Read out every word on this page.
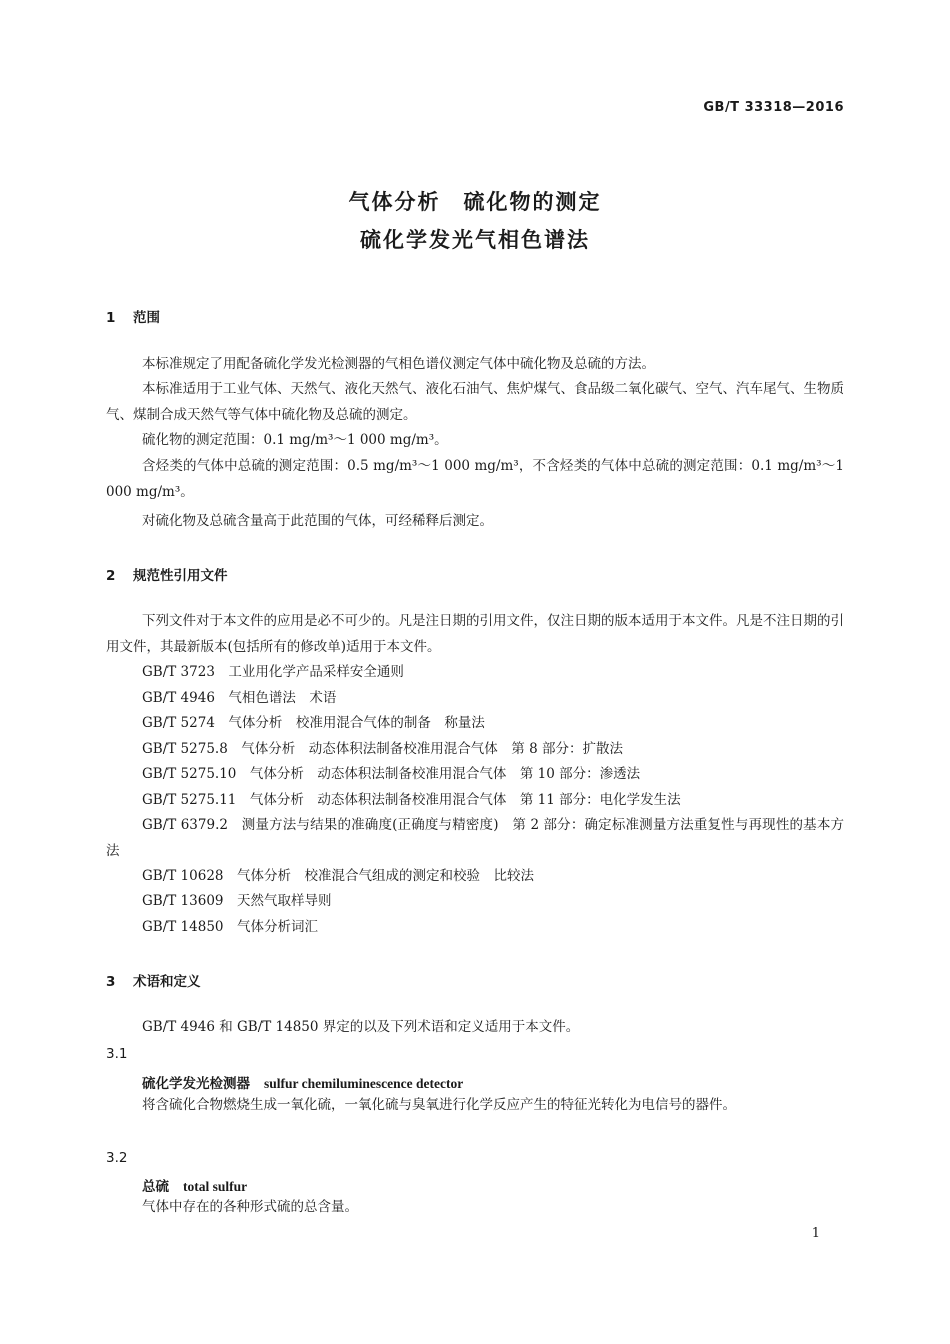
GB/T 33318—2016
气体分析　硫化物的测定
硫化学发光气相色谱法
1 范围
本标准规定了用配备硫化学发光检测器的气相色谱仪测定气体中硫化物及总硫的方法。
本标准适用于工业气体、天然气、液化天然气、液化石油气、焦炉煤气、食品级二氧化碳气、空气、汽车尾气、生物质气、煤制合成天然气等气体中硫化物及总硫的测定。
硫化物的测定范围：0.1 mg/m³～1 000 mg/m³。
含烃类的气体中总硫的测定范围：0.5 mg/m³～1 000 mg/m³，不含烃类的气体中总硫的测定范围：0.1 mg/m³～1 000 mg/m³。
对硫化物及总硫含量高于此范围的气体，可经稀释后测定。
2 规范性引用文件
下列文件对于本文件的应用是必不可少的。凡是注日期的引用文件，仅注日期的版本适用于本文件。凡是不注日期的引用文件，其最新版本(包括所有的修改单)适用于本文件。
GB/T 3723　工业用化学产品采样安全通则
GB/T 4946　气相色谱法　术语
GB/T 5274　气体分析　校准用混合气体的制备　称量法
GB/T 5275.8　气体分析　动态体积法制备校准用混合气体　第 8 部分：扩散法
GB/T 5275.10　气体分析　动态体积法制备校准用混合气体　第 10 部分：渗透法
GB/T 5275.11　气体分析　动态体积法制备校准用混合气体　第 11 部分：电化学发生法
GB/T 6379.2　测量方法与结果的准确度(正确度与精密度)　第 2 部分：确定标准测量方法重复性与再现性的基本方法
GB/T 10628　气体分析　校准混合气组成的测定和校验　比较法
GB/T 13609　天然气取样导则
GB/T 14850　气体分析词汇
3 术语和定义
GB/T 4946 和 GB/T 14850 界定的以及下列术语和定义适用于本文件。
3.1
硫化学发光检测器 sulfur chemiluminescence detector
将含硫化合物燃烧生成一氧化硫，一氧化硫与臭氧进行化学反应产生的特征光转化为电信号的器件。
3.2
总硫 total sulfur
气体中存在的各种形式硫的总含量。
1
